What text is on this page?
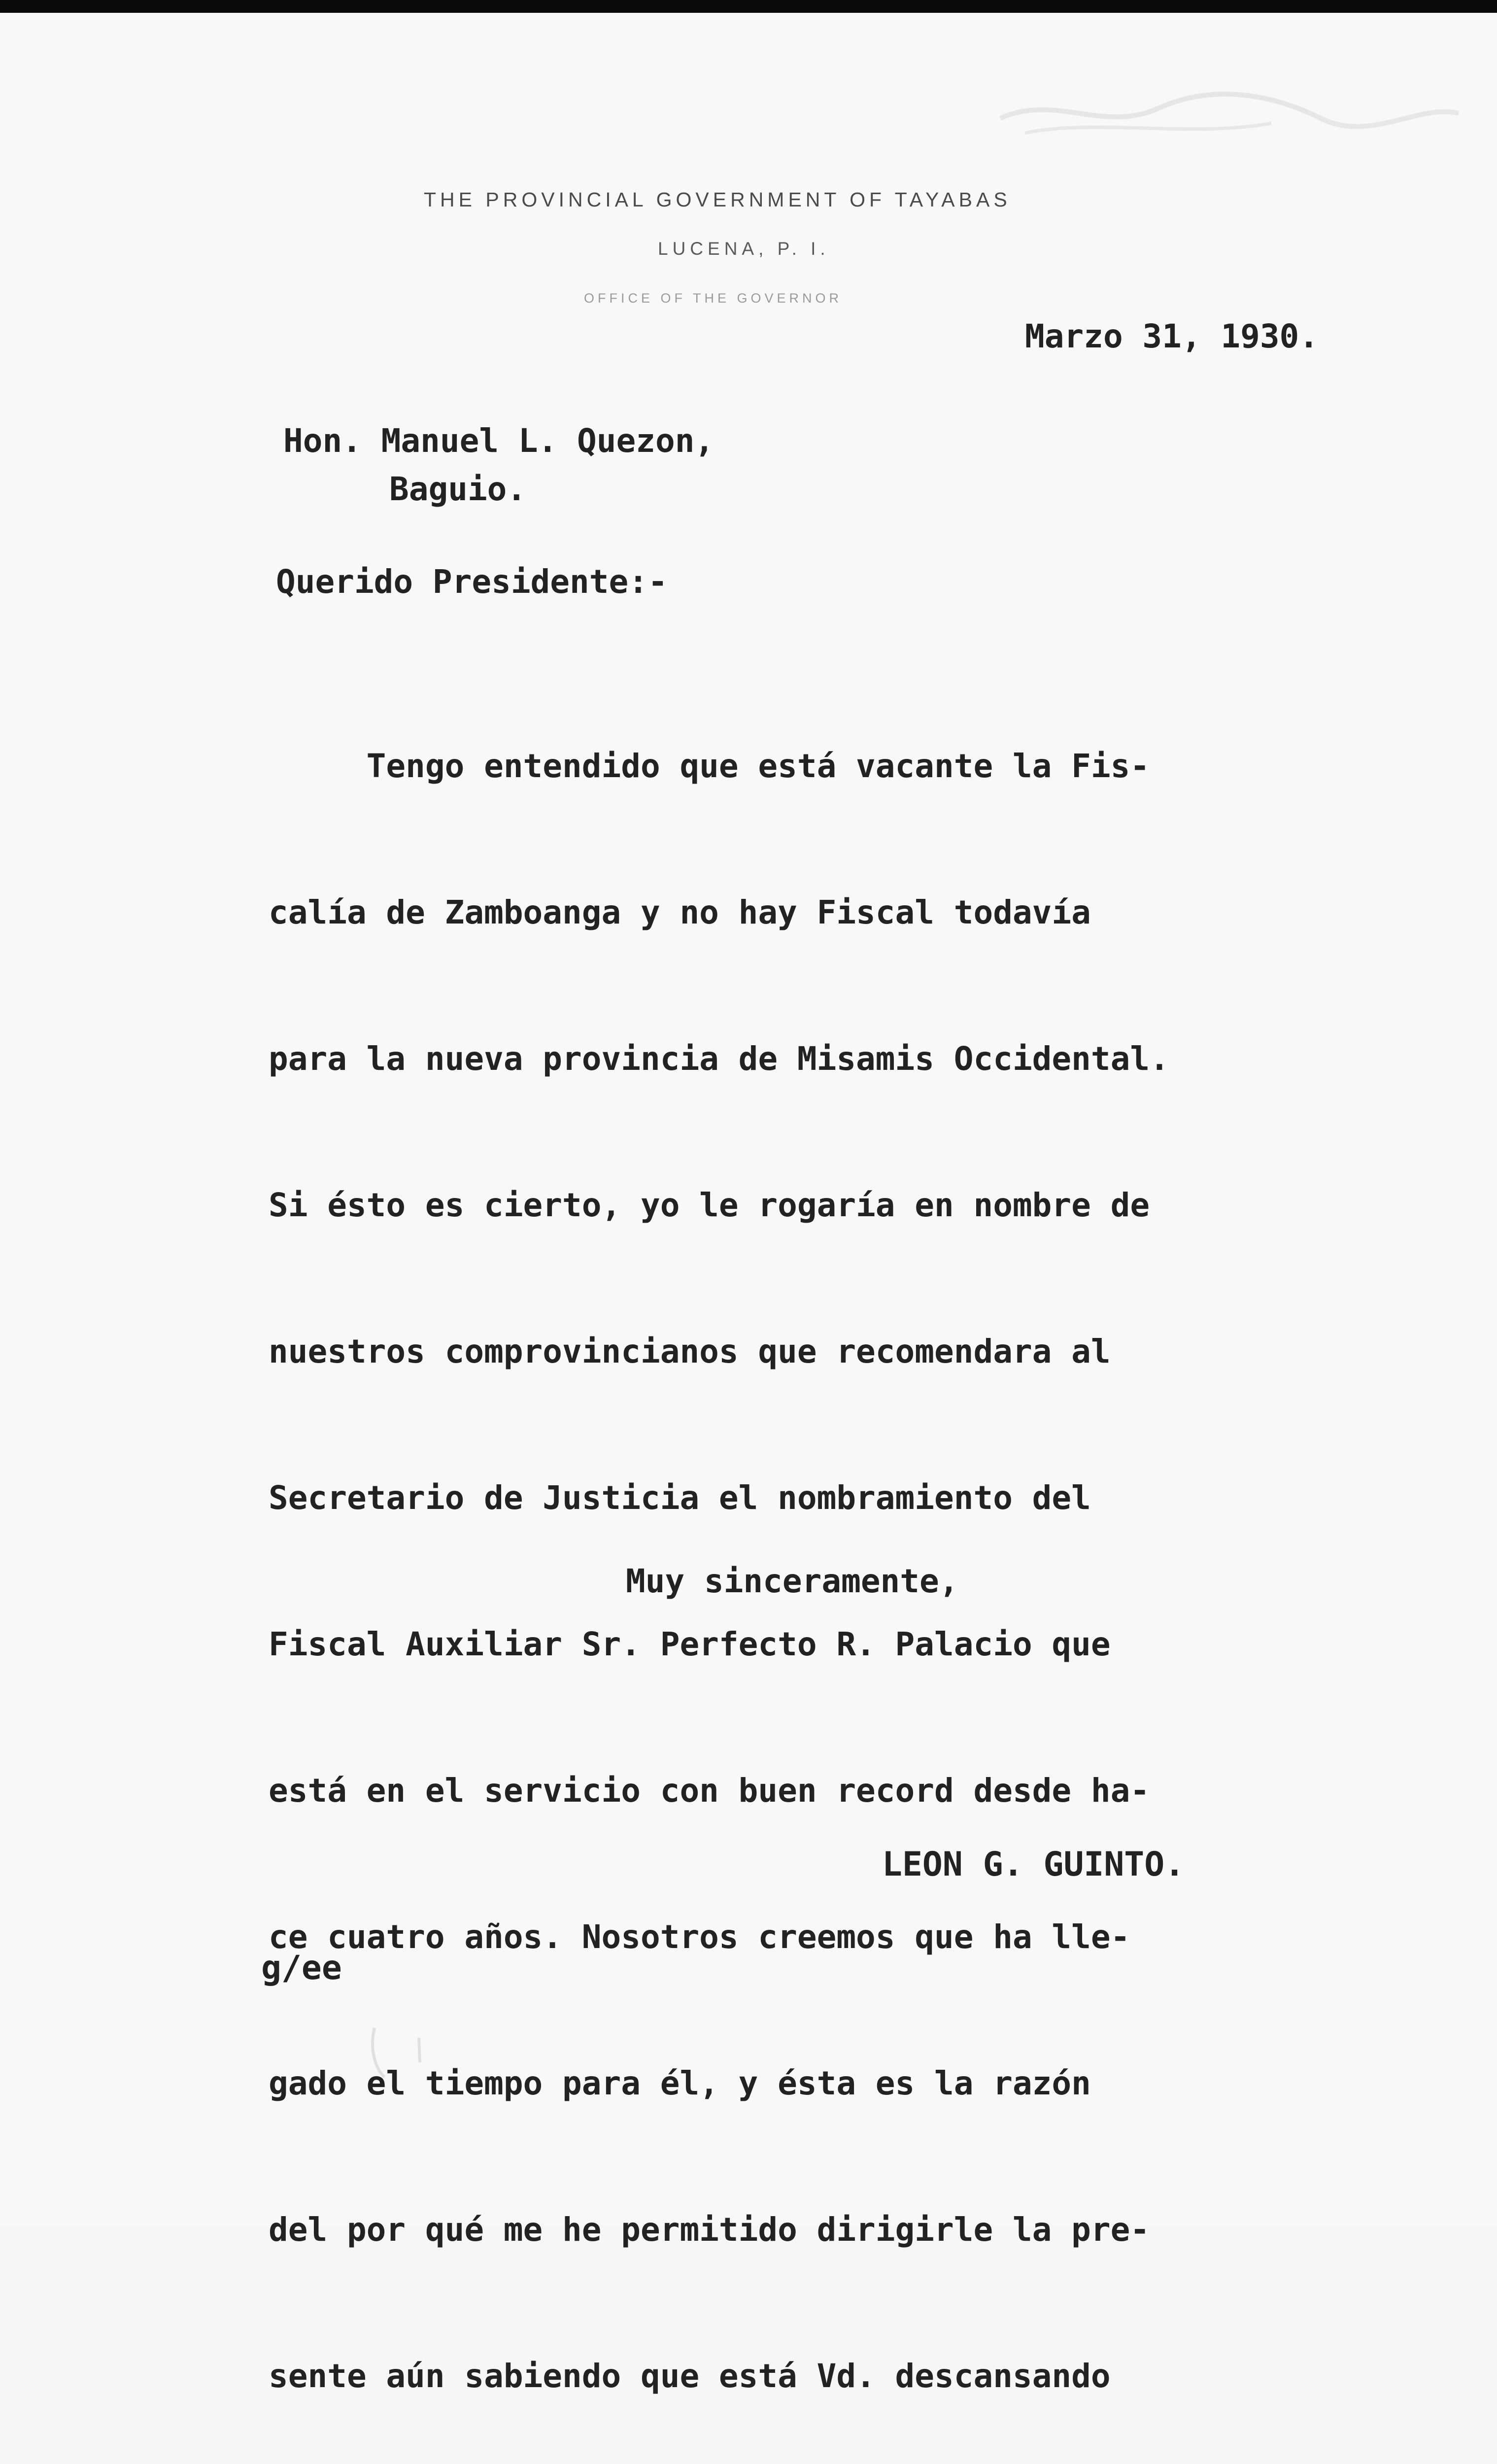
THE PROVINCIAL GOVERNMENT OF TAYABAS
LUCENA, P. I.
OFFICE OF THE GOVERNOR
Marzo 31, 1930.
Hon. Manuel L. Quezon,
Baguio.
Querido Presidente:-

Tengo entendido que está vacante la Fis-

calía de Zamboanga y no hay Fiscal todavía

para la nueva provincia de Misamis Occidental.

Si ésto es cierto, yo le rogaría en nombre de

nuestros comprovincianos que recomendara al

Secretario de Justicia el nombramiento del

Fiscal Auxiliar Sr. Perfecto R. Palacio que

está en el servicio con buen record desde ha-

ce cuatro años. Nosotros creemos que ha lle-

gado el tiempo para él, y ésta es la razón

del por qué me he permitido dirigirle la pre-

sente aún sabiendo que está Vd. descansando

Muy sinceramente,
LEON G. GUINTO.
g/ee
